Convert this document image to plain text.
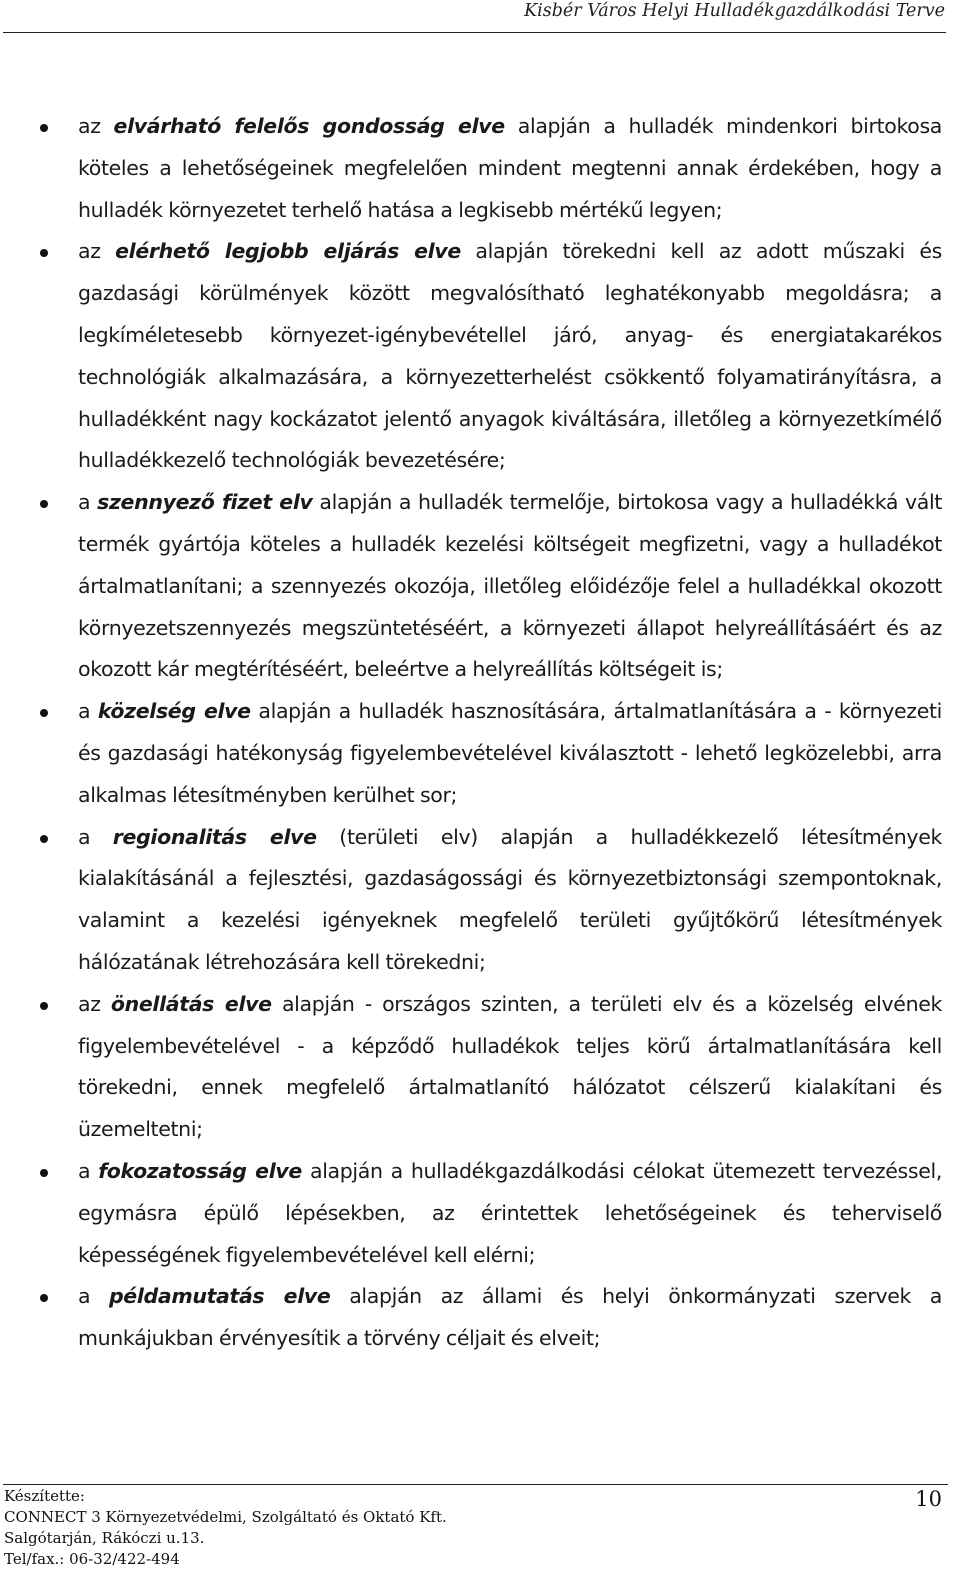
Kisbér Város Helyi Hulladékgazdálkodási Terve
az elvárható felelős gondosság elve alapján a hulladék mindenkori birtokosa köteles a lehetőségeinek megfelelően mindent megtenni annak érdekében, hogy a hulladék környezetet terhelő hatása a legkisebb mértékű legyen;
az elérhető legjobb eljárás elve alapján törekedni kell az adott műszaki és gazdasági körülmények között megvalósítható leghatékonyabb megoldásra; a legkíméletesebb környezet-igénybevétellel járó, anyag- és energiatakarékos technológiák alkalmazására, a környezetterhelést csökkentő folyamatirányításra, a hulladékként nagy kockázatot jelentő anyagok kiváltására, illetőleg a környezetkímélő hulladékkezelő technológiák bevezetésére;
a szennyező fizet elv alapján a hulladék termelője, birtokosa vagy a hulladékká vált termék gyártója köteles a hulladék kezelési költségeit megfizetni, vagy a hulladékot ártalmatlanítani; a szennyezés okozója, illetőleg előidézője felel a hulladékkal okozott környezetszennyezés megszüntetéséért, a környezeti állapot helyreállításáért és az okozott kár megtérítéséért, beleértve a helyreállítás költségeit is;
a közelség elve alapján a hulladék hasznosítására, ártalmatlanítására a - környezeti és gazdasági hatékonyság figyelembevételével kiválasztott - lehető legközelebbi, arra alkalmas létesítményben kerülhet sor;
a regionalitás elve (területi elv) alapján a hulladékkezelő létesítmények kialakításánál a fejlesztési, gazdaságossági és környezetbiztonsági szempontoknak, valamint a kezelési igényeknek megfelelő területi gyűjtőkörű létesítmények hálózatának létrehozására kell törekedni;
az önellátás elve alapján - országos szinten, a területi elv és a közelség elvének figyelembevételével - a képződő hulladékok teljes körű ártalmatlanítására kell törekedni, ennek megfelelő ártalmatlanító hálózatot célszerű kialakítani és üzemeltetni;
a fokozatosság elve alapján a hulladékgazdálkodási célokat ütemezett tervezéssel, egymásra épülő lépésekben, az érintettek lehetőségeinek és teherviselő képességének figyelembevételével kell elérni;
a példamutatás elve alapján az állami és helyi önkormányzati szervek a munkájukban érvényesítik a törvény céljait és elveit;
Készítette:
CONNECT 3 Környezetvédelmi, Szolgáltató és Oktató Kft.
Salgótarján, Rákóczi u.13.
Tel/fax.: 06-32/422-494
10
